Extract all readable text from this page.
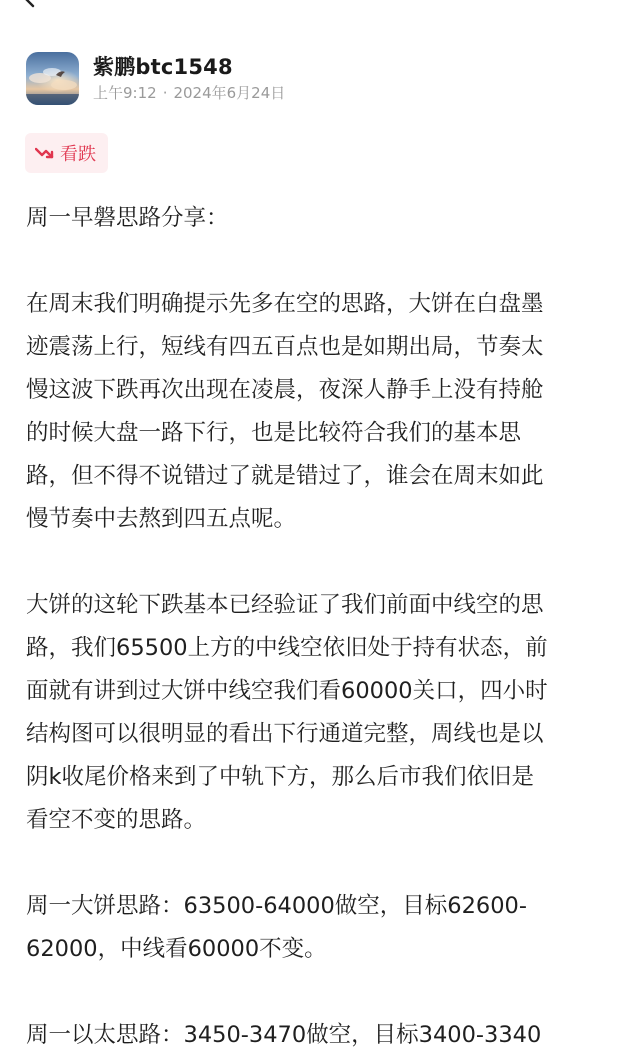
紫鹏btc1548
上午9:12 · 2024年6月24日
看跌

周一早磐思路分享：

在周末我们明确提示先多在空的思路，大饼在白盘墨

迹震荡上行，短线有四五百点也是如期出局，节奏太

慢这波下跌再次出现在凌晨，夜深人静手上没有持舱

的时候大盘一路下行，也是比较符合我们的基本思

路，但不得不说错过了就是错过了，谁会在周末如此

慢节奏中去熬到四五点呢。

大饼的这轮下跌基本已经验证了我们前面中线空的思

路，我们65500上方的中线空依旧处于持有状态，前

面就有讲到过大饼中线空我们看60000关口，四小时

结构图可以很明显的看出下行通道完整，周线也是以

阴k收尾价格来到了中轨下方，那么后市我们依旧是

看空不变的思路。

周一大饼思路：63500-64000做空，目标62600-

62000，中线看60000不变。

周一以太思路：3450-3470做空，目标3400-3340
